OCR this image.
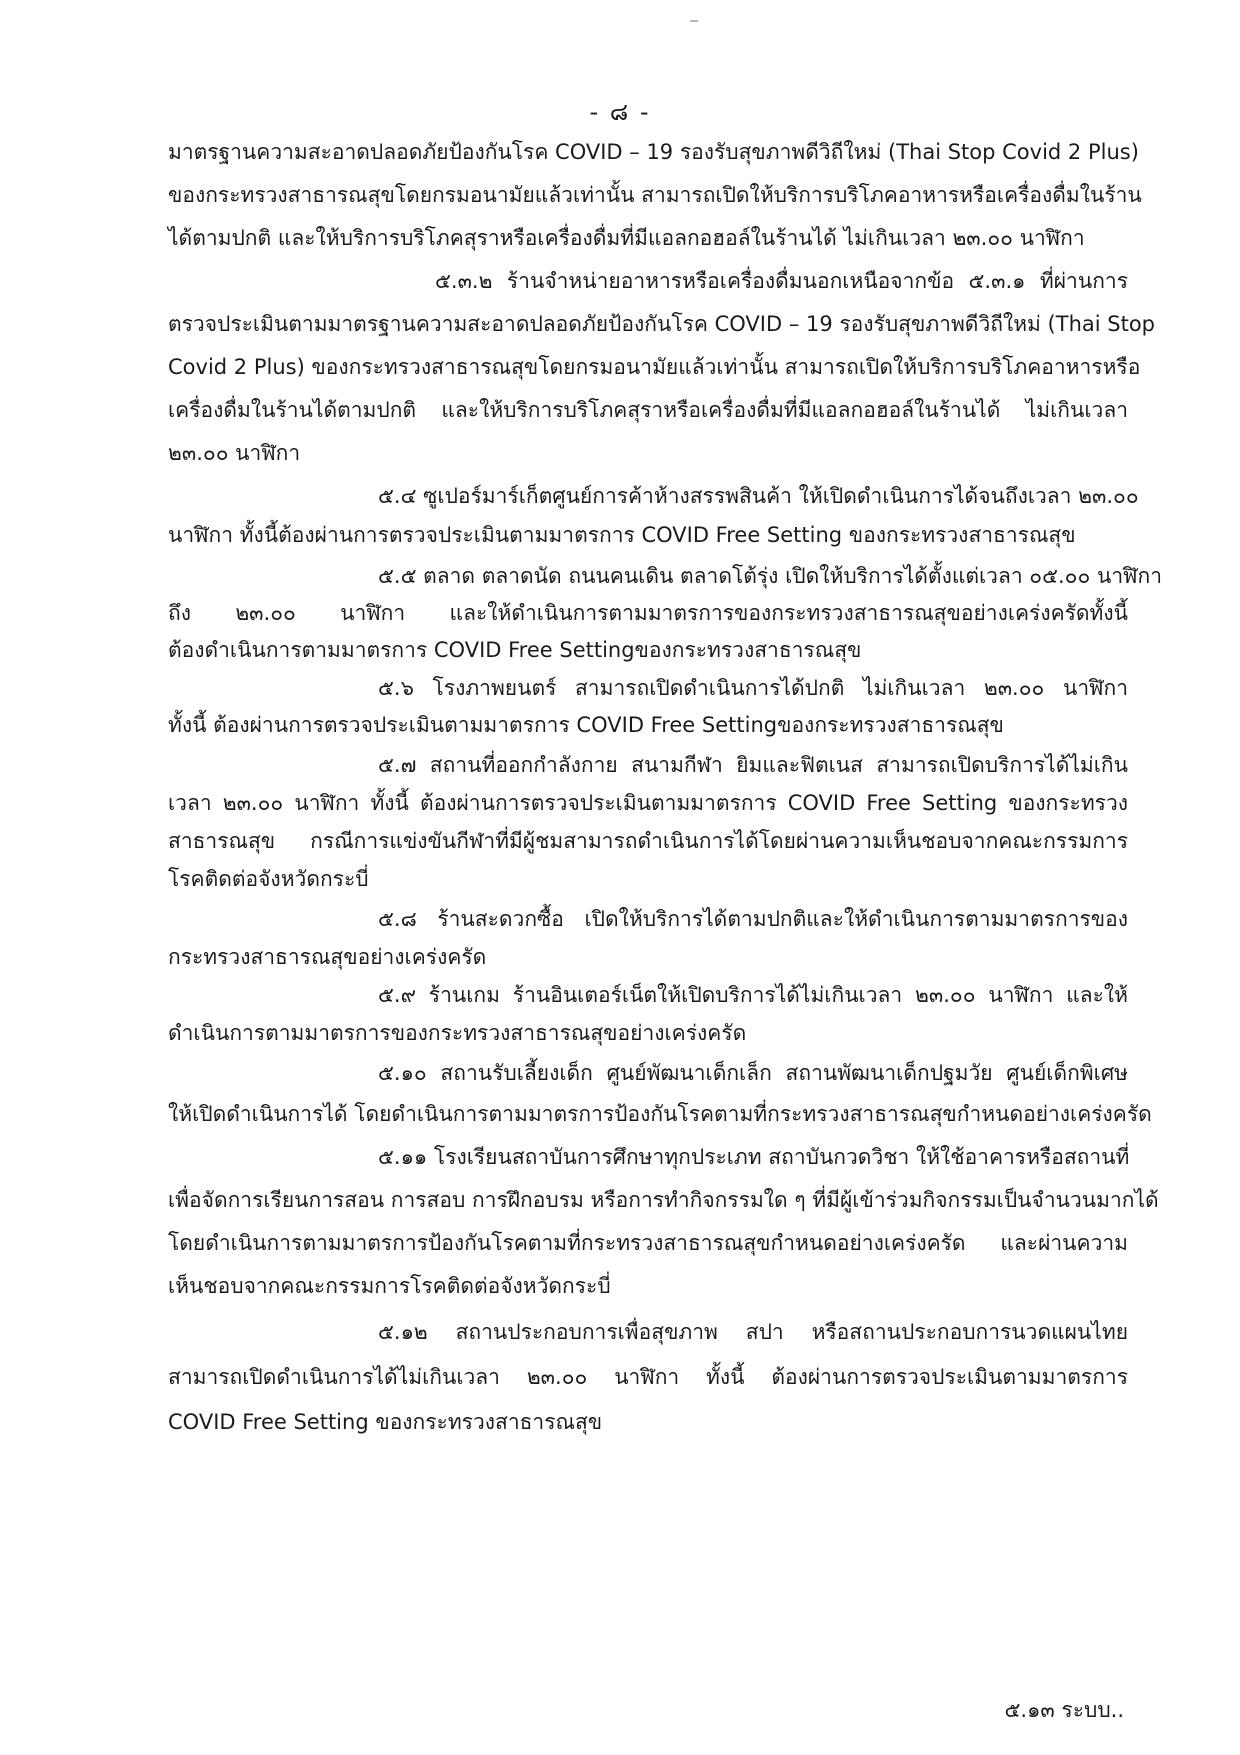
- ๘ -
มาตรฐานความสะอาดปลอดภัยป้องกันโรค COVID – 19 รองรับสุขภาพดีวิถีใหม่ (Thai Stop Covid 2 Plus)
ของกระทรวงสาธารณสุขโดยกรมอนามัยแล้วเท่านั้น สามารถเปิดให้บริการบริโภคอาหารหรือเครื่องดื่มในร้าน
ได้ตามปกติ และให้บริการบริโภคสุราหรือเครื่องดื่มที่มีแอลกอฮอล์ในร้านได้ ไม่เกินเวลา ๒๓.๐๐ นาฬิกา
๕.๓.๒ ร้านจำหน่ายอาหารหรือเครื่องดื่มนอกเหนือจากข้อ ๕.๓.๑ ที่ผ่านการ
ตรวจประเมินตามมาตรฐานความสะอาดปลอดภัยป้องกันโรค COVID – 19 รองรับสุขภาพดีวิถีใหม่ (Thai Stop
Covid 2 Plus) ของกระทรวงสาธารณสุขโดยกรมอนามัยแล้วเท่านั้น สามารถเปิดให้บริการบริโภคอาหารหรือ
เครื่องดื่มในร้านได้ตามปกติ และให้บริการบริโภคสุราหรือเครื่องดื่มที่มีแอลกอฮอล์ในร้านได้ ไม่เกินเวลา
๒๓.๐๐ นาฬิกา
๕.๔ ซูเปอร์มาร์เก็ตศูนย์การค้าห้างสรรพสินค้า ให้เปิดดำเนินการได้จนถึงเวลา ๒๓.๐๐
นาฬิกา ทั้งนี้ต้องผ่านการตรวจประเมินตามมาตรการ COVID Free Setting ของกระทรวงสาธารณสุข
๕.๕ ตลาด ตลาดนัด ถนนคนเดิน ตลาดโต้รุ่ง เปิดให้บริการได้ตั้งแต่เวลา ๐๕.๐๐ นาฬิกา
ถึง ๒๓.๐๐ นาฬิกา และให้ดำเนินการตามมาตรการของกระทรวงสาธารณสุขอย่างเคร่งครัดทั้งนี้
ต้องดำเนินการตามมาตรการ COVID Free Settingของกระทรวงสาธารณสุข
๕.๖ โรงภาพยนตร์ สามารถเปิดดำเนินการได้ปกติ ไม่เกินเวลา ๒๓.๐๐ นาฬิกา
ทั้งนี้ ต้องผ่านการตรวจประเมินตามมาตรการ COVID Free Settingของกระทรวงสาธารณสุข
๕.๗ สถานที่ออกกำลังกาย สนามกีฬา ยิมและฟิตเนส สามารถเปิดบริการได้ไม่เกิน
เวลา ๒๓.๐๐ นาฬิกา ทั้งนี้ ต้องผ่านการตรวจประเมินตามมาตรการ COVID Free Setting ของกระทรวง
สาธารณสุข กรณีการแข่งขันกีฬาที่มีผู้ชมสามารถดำเนินการได้โดยผ่านความเห็นชอบจากคณะกรรมการ
โรคติดต่อจังหวัดกระบี่
๕.๘ ร้านสะดวกซื้อ เปิดให้บริการได้ตามปกติและให้ดำเนินการตามมาตรการของ
กระทรวงสาธารณสุขอย่างเคร่งครัด
๕.๙ ร้านเกม ร้านอินเตอร์เน็ตให้เปิดบริการได้ไม่เกินเวลา ๒๓.๐๐ นาฬิกา และให้
ดำเนินการตามมาตรการของกระทรวงสาธารณสุขอย่างเคร่งครัด
๕.๑๐ สถานรับเลี้ยงเด็ก ศูนย์พัฒนาเด็กเล็ก สถานพัฒนาเด็กปฐมวัย ศูนย์เด็กพิเศษ
ให้เปิดดำเนินการได้ โดยดำเนินการตามมาตรการป้องกันโรคตามที่กระทรวงสาธารณสุขกำหนดอย่างเคร่งครัด
๕.๑๑ โรงเรียนสถาบันการศึกษาทุกประเภท สถาบันกวดวิชา ให้ใช้อาคารหรือสถานที่
เพื่อจัดการเรียนการสอน การสอบ การฝึกอบรม หรือการทำกิจกรรมใด ๆ ที่มีผู้เข้าร่วมกิจกรรมเป็นจำนวนมากได้
โดยดำเนินการตามมาตรการป้องกันโรคตามที่กระทรวงสาธารณสุขกำหนดอย่างเคร่งครัด และผ่านความ
เห็นชอบจากคณะกรรมการโรคติดต่อจังหวัดกระบี่
๕.๑๒ สถานประกอบการเพื่อสุขภาพ สปา หรือสถานประกอบการนวดแผนไทย
สามารถเปิดดำเนินการได้ไม่เกินเวลา ๒๓.๐๐ นาฬิกา ทั้งนี้ ต้องผ่านการตรวจประเมินตามมาตรการ
COVID Free Setting ของกระทรวงสาธารณสุข
๕.๑๓ ระบบ..
